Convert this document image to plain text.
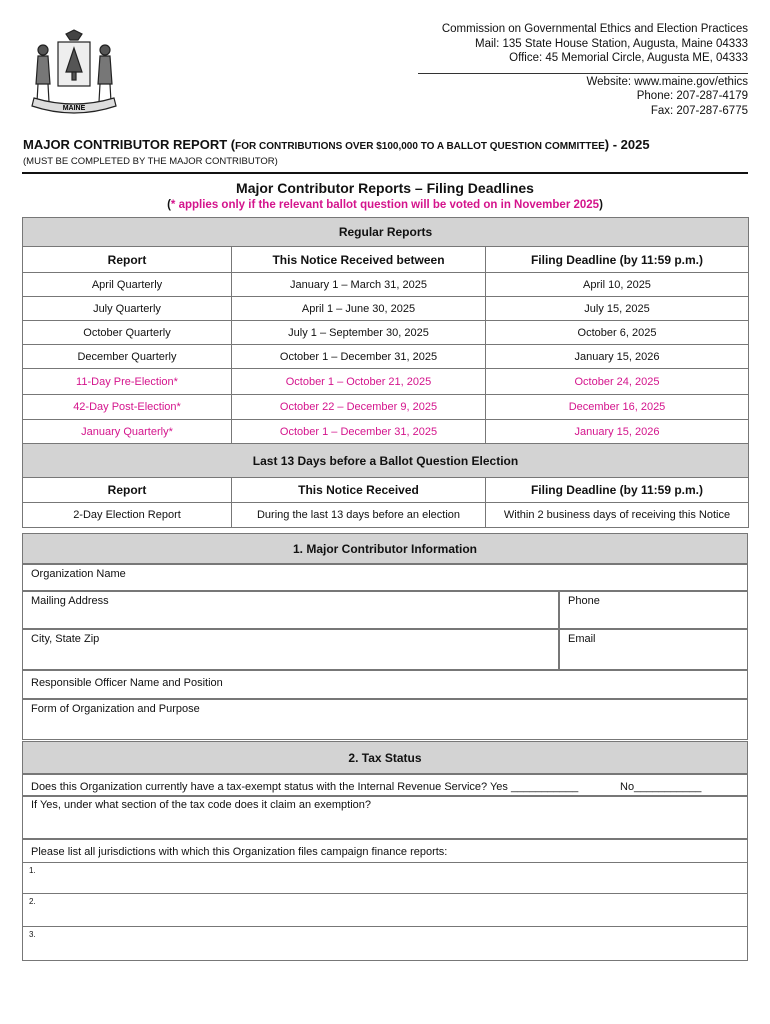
MAINE
Commission on Governmental Ethics and Election Practices
Mail: 135 State House Station, Augusta, Maine 04333
Office: 45 Memorial Circle, Augusta ME, 04333
Website: www.maine.gov/ethics
Phone: 207-287-4179
Fax: 207-287-6775
MAJOR CONTRIBUTOR REPORT (FOR CONTRIBUTIONS OVER $100,000 TO A BALLOT QUESTION COMMITTEE) - 2025
(MUST BE COMPLETED BY THE MAJOR CONTRIBUTOR)
Major Contributor Reports – Filing Deadlines
(* applies only if the relevant ballot question will be voted on in November 2025)
Regular Reports		
Report	This Notice Received between	Filing Deadline (by 11:59 p.m.)
April Quarterly	January 1 – March 31, 2025	April 10, 2025
July Quarterly	April 1 – June 30, 2025	July 15, 2025
October Quarterly	July 1 – September 30, 2025	October 6, 2025
December Quarterly	October 1 – December 31, 2025	January 15, 2026
11-Day Pre-Election*	October 1 – October 21, 2025	October 24, 2025
42-Day Post-Election*	October 22 – December 9, 2025	December 16, 2025
January Quarterly*	October 1 – December 31, 2025	January 15, 2026
Last 13 Days before a Ballot Question Election		
Report	This Notice Received	Filing Deadline (by 11:59 p.m.)
2-Day Election Report	During the last 13 days before an election	Within 2 business days of receiving this Notice
1. Major Contributor Information
Organization Name
Mailing Address	Phone
City, State Zip	Email
Responsible Officer Name and Position
Form of Organization and Purpose
2. Tax Status
Does this Organization currently have a tax-exempt status with the Internal Revenue Service? Yes ___________	No___________
If Yes, under what section of the tax code does it claim an exemption?
Please list all jurisdictions with which this Organization files campaign finance reports:
1.
2.
3.
